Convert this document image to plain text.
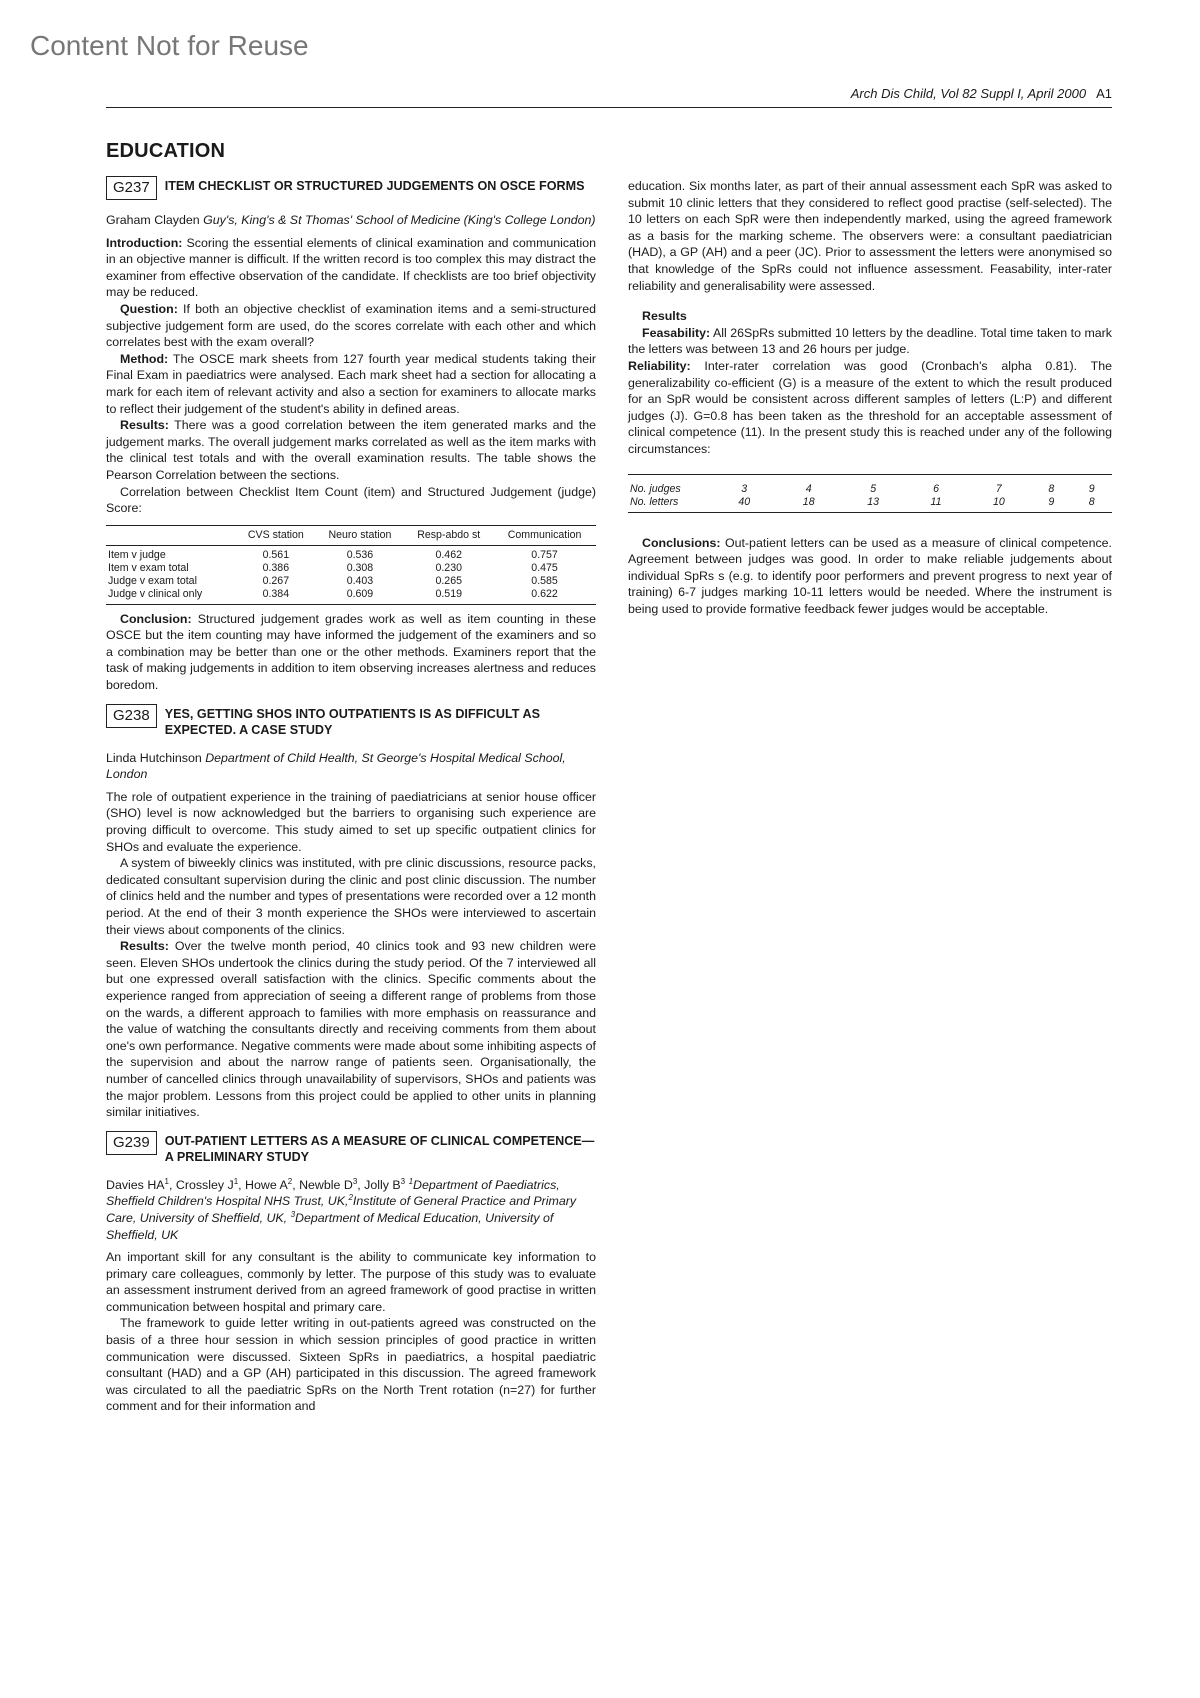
Content Not for Reuse
Arch Dis Child, Vol 82 Suppl I, April 2000 A1
EDUCATION
G237	ITEM CHECKLIST OR STRUCTURED JUDGEMENTS ON OSCE FORMS
Graham Clayden Guy's, King's & St Thomas' School of Medicine (King's College London)

Introduction: Scoring the essential elements of clinical examination and communication in an objective manner is difficult. If the written record is too complex this may distract the examiner from effective observation of the candidate. If checklists are too brief objectivity may be reduced.

Question: If both an objective checklist of examination items and a semi-structured subjective judgement form are used, do the scores correlate with each other and which correlates best with the exam overall?

Method: The OSCE mark sheets from 127 fourth year medical students taking their Final Exam in paediatrics were analysed. Each mark sheet had a section for allocating a mark for each item of relevant activity and also a section for examiners to allocate marks to reflect their judgement of the student's ability in defined areas.

Results: There was a good correlation between the item generated marks and the judgement marks. The overall judgement marks correlated as well as the item marks with the clinical test totals and with the overall examination results. The table shows the Pearson Correlation between the sections.

Correlation between Checklist Item Count (item) and Structured Judgement (judge) Score:

	CVS station	Neuro station	Resp-abdo st	Communication
Item v judge	0.561	0.536	0.462	0.757
Item v exam total	0.386	0.308	0.230	0.475
Judge v exam total	0.267	0.403	0.265	0.585
Judge v clinical only	0.384	0.609	0.519	0.622

Conclusion: Structured judgement grades work as well as item counting in these OSCE but the item counting may have informed the judgement of the examiners and so a combination may be better than one or the other methods. Examiners report that the task of making judgements in addition to item observing increases alertness and reduces boredom.

G238	YES, GETTING SHOS INTO OUTPATIENTS IS AS DIFFICULT AS EXPECTED. A CASE STUDY
Linda Hutchinson Department of Child Health, St George's Hospital Medical School, London

The role of outpatient experience in the training of paediatricians at senior house officer (SHO) level is now acknowledged but the barriers to organising such experience are proving difficult to overcome. This study aimed to set up specific outpatient clinics for SHOs and evaluate the experience.

A system of biweekly clinics was instituted, with pre clinic discussions, resource packs, dedicated consultant supervision during the clinic and post clinic discussion. The number of clinics held and the number and types of presentations were recorded over a 12 month period. At the end of their 3 month experience the SHOs were interviewed to ascertain their views about components of the clinics.

Results: Over the twelve month period, 40 clinics took and 93 new children were seen. Eleven SHOs undertook the clinics during the study period. Of the 7 interviewed all but one expressed overall satisfaction with the clinics. Specific comments about the experience ranged from appreciation of seeing a different range of problems from those on the wards, a different approach to families with more emphasis on reassurance and the value of watching the consultants directly and receiving comments from them about one's own performance. Negative comments were made about some inhibiting aspects of the supervision and about the narrow range of patients seen. Organisationally, the number of cancelled clinics through unavailability of supervisors, SHOs and patients was the major problem. Lessons from this project could be applied to other units in planning similar initiatives.

G239	OUT-PATIENT LETTERS AS A MEASURE OF CLINICAL COMPETENCE—A PRELIMINARY STUDY
Davies $HA^1$, Crossley $J^1$, Howe $A^2$, Newble $D^3$, Jolly $B^3$ $^1$Department of Paediatrics, Sheffield Children's Hospital NHS Trust, UK,$^2$Institute of General Practice and Primary Care, University of Sheffield, UK, $^3$Department of Medical Education, University of Sheffield, UK

An important skill for any consultant is the ability to communicate key information to primary care colleagues, commonly by letter. The purpose of this study was to evaluate an assessment instrument derived from an agreed framework of good practise in written communication between hospital and primary care.

The framework to guide letter writing in out-patients agreed was constructed on the basis of a three hour session in which session principles of good practice in written communication were discussed. Sixteen SpRs in paediatrics, a hospital paediatric consultant (HAD) and a GP (AH) participated in this discussion. The agreed framework was circulated to all the paediatric SpRs on the North Trent rotation (n=27) for further comment and for their information and

education. Six months later, as part of their annual assessment each SpR was asked to submit 10 clinic letters that they considered to reflect good practise (self-selected). The 10 letters on each SpR were then independently marked, using the agreed framework as a basis for the marking scheme. The observers were: a consultant paediatrician (HAD), a GP (AH) and a peer (JC). Prior to assessment the letters were anonymised so that knowledge of the SpRs could not influence assessment. Feasability, inter-rater reliability and generalisability were assessed.

Results

Feasability: All 26SpRs submitted 10 letters by the deadline. Total time taken to mark the letters was between 13 and 26 hours per judge.

Reliability: Inter-rater correlation was good (Cronbach's alpha 0.81). The generalizability co-efficient (G) is a measure of the extent to which the result produced for an SpR would be consistent across different samples of letters (L:P) and different judges (J). G=0.8 has been taken as the threshold for an acceptable assessment of clinical competence (11). In the present study this is reached under any of the following circumstances:

No. judges	3	4	5	6	7	8	9
No. letters	40	18	13	11	10	9	8

Conclusions: Out-patient letters can be used as a measure of clinical competence. Agreement between judges was good. In order to make reliable judgements about individual SpRs s (e.g. to identify poor performers and prevent progress to next year of training) 6-7 judges marking 10-11 letters would be needed. Where the instrument is being used to provide formative feedback fewer judges would be acceptable.
